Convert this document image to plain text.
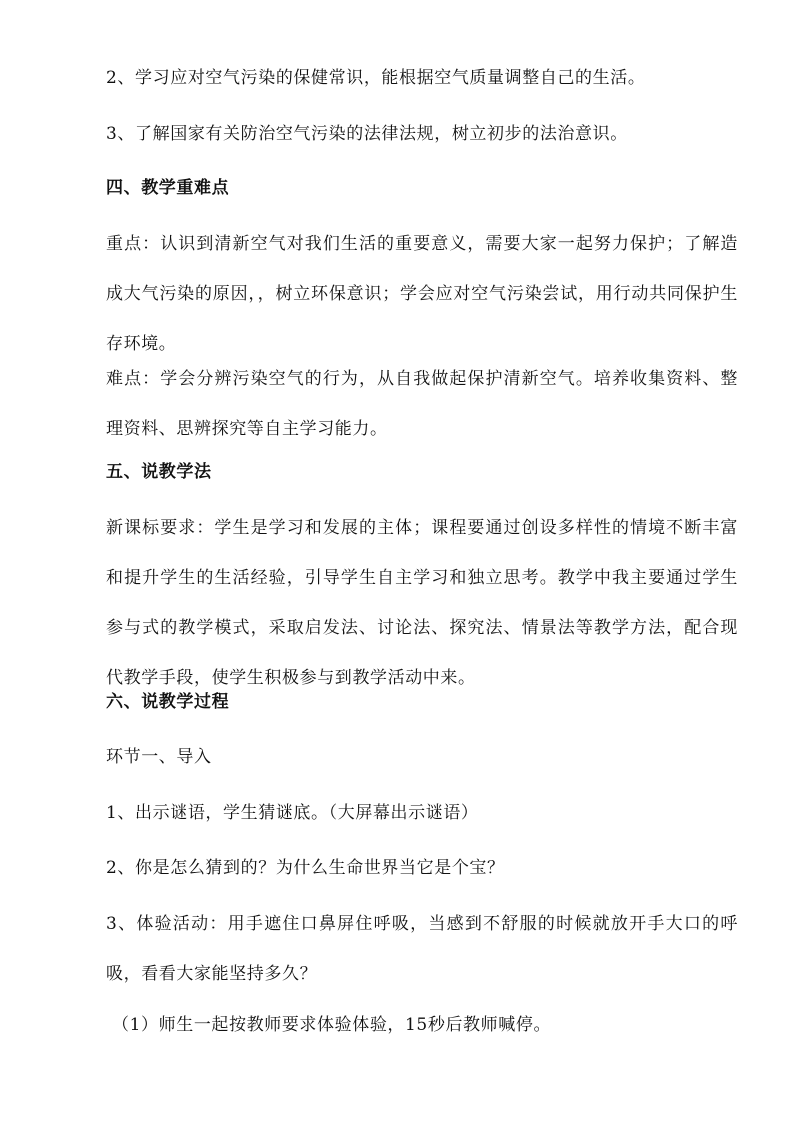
2、学习应对空气污染的保健常识，能根据空气质量调整自己的生活。
3、了解国家有关防治空气污染的法律法规，树立初步的法治意识。
四、教学重难点
重点：认识到清新空气对我们生活的重要意义，需要大家一起努力保护；了解造成大气污染的原因，，树立环保意识；学会应对空气污染尝试，用行动共同保护生存环境。
难点：学会分辨污染空气的行为，从自我做起保护清新空气。培养收集资料、整理资料、思辨探究等自主学习能力。
五、说教学法
新课标要求：学生是学习和发展的主体；课程要通过创设多样性的情境不断丰富和提升学生的生活经验，引导学生自主学习和独立思考。教学中我主要通过学生参与式的教学模式，采取启发法、讨论法、探究法、情景法等教学方法，配合现代教学手段，使学生积极参与到教学活动中来。
六、说教学过程
环节一、导入
1、出示谜语，学生猜谜底。（大屏幕出示谜语）
2、你是怎么猜到的？为什么生命世界当它是个宝？
3、体验活动：用手遮住口鼻屏住呼吸，当感到不舒服的时候就放开手大口的呼吸，看看大家能坚持多久？
（1）师生一起按教师要求体验体验，15秒后教师喊停。
